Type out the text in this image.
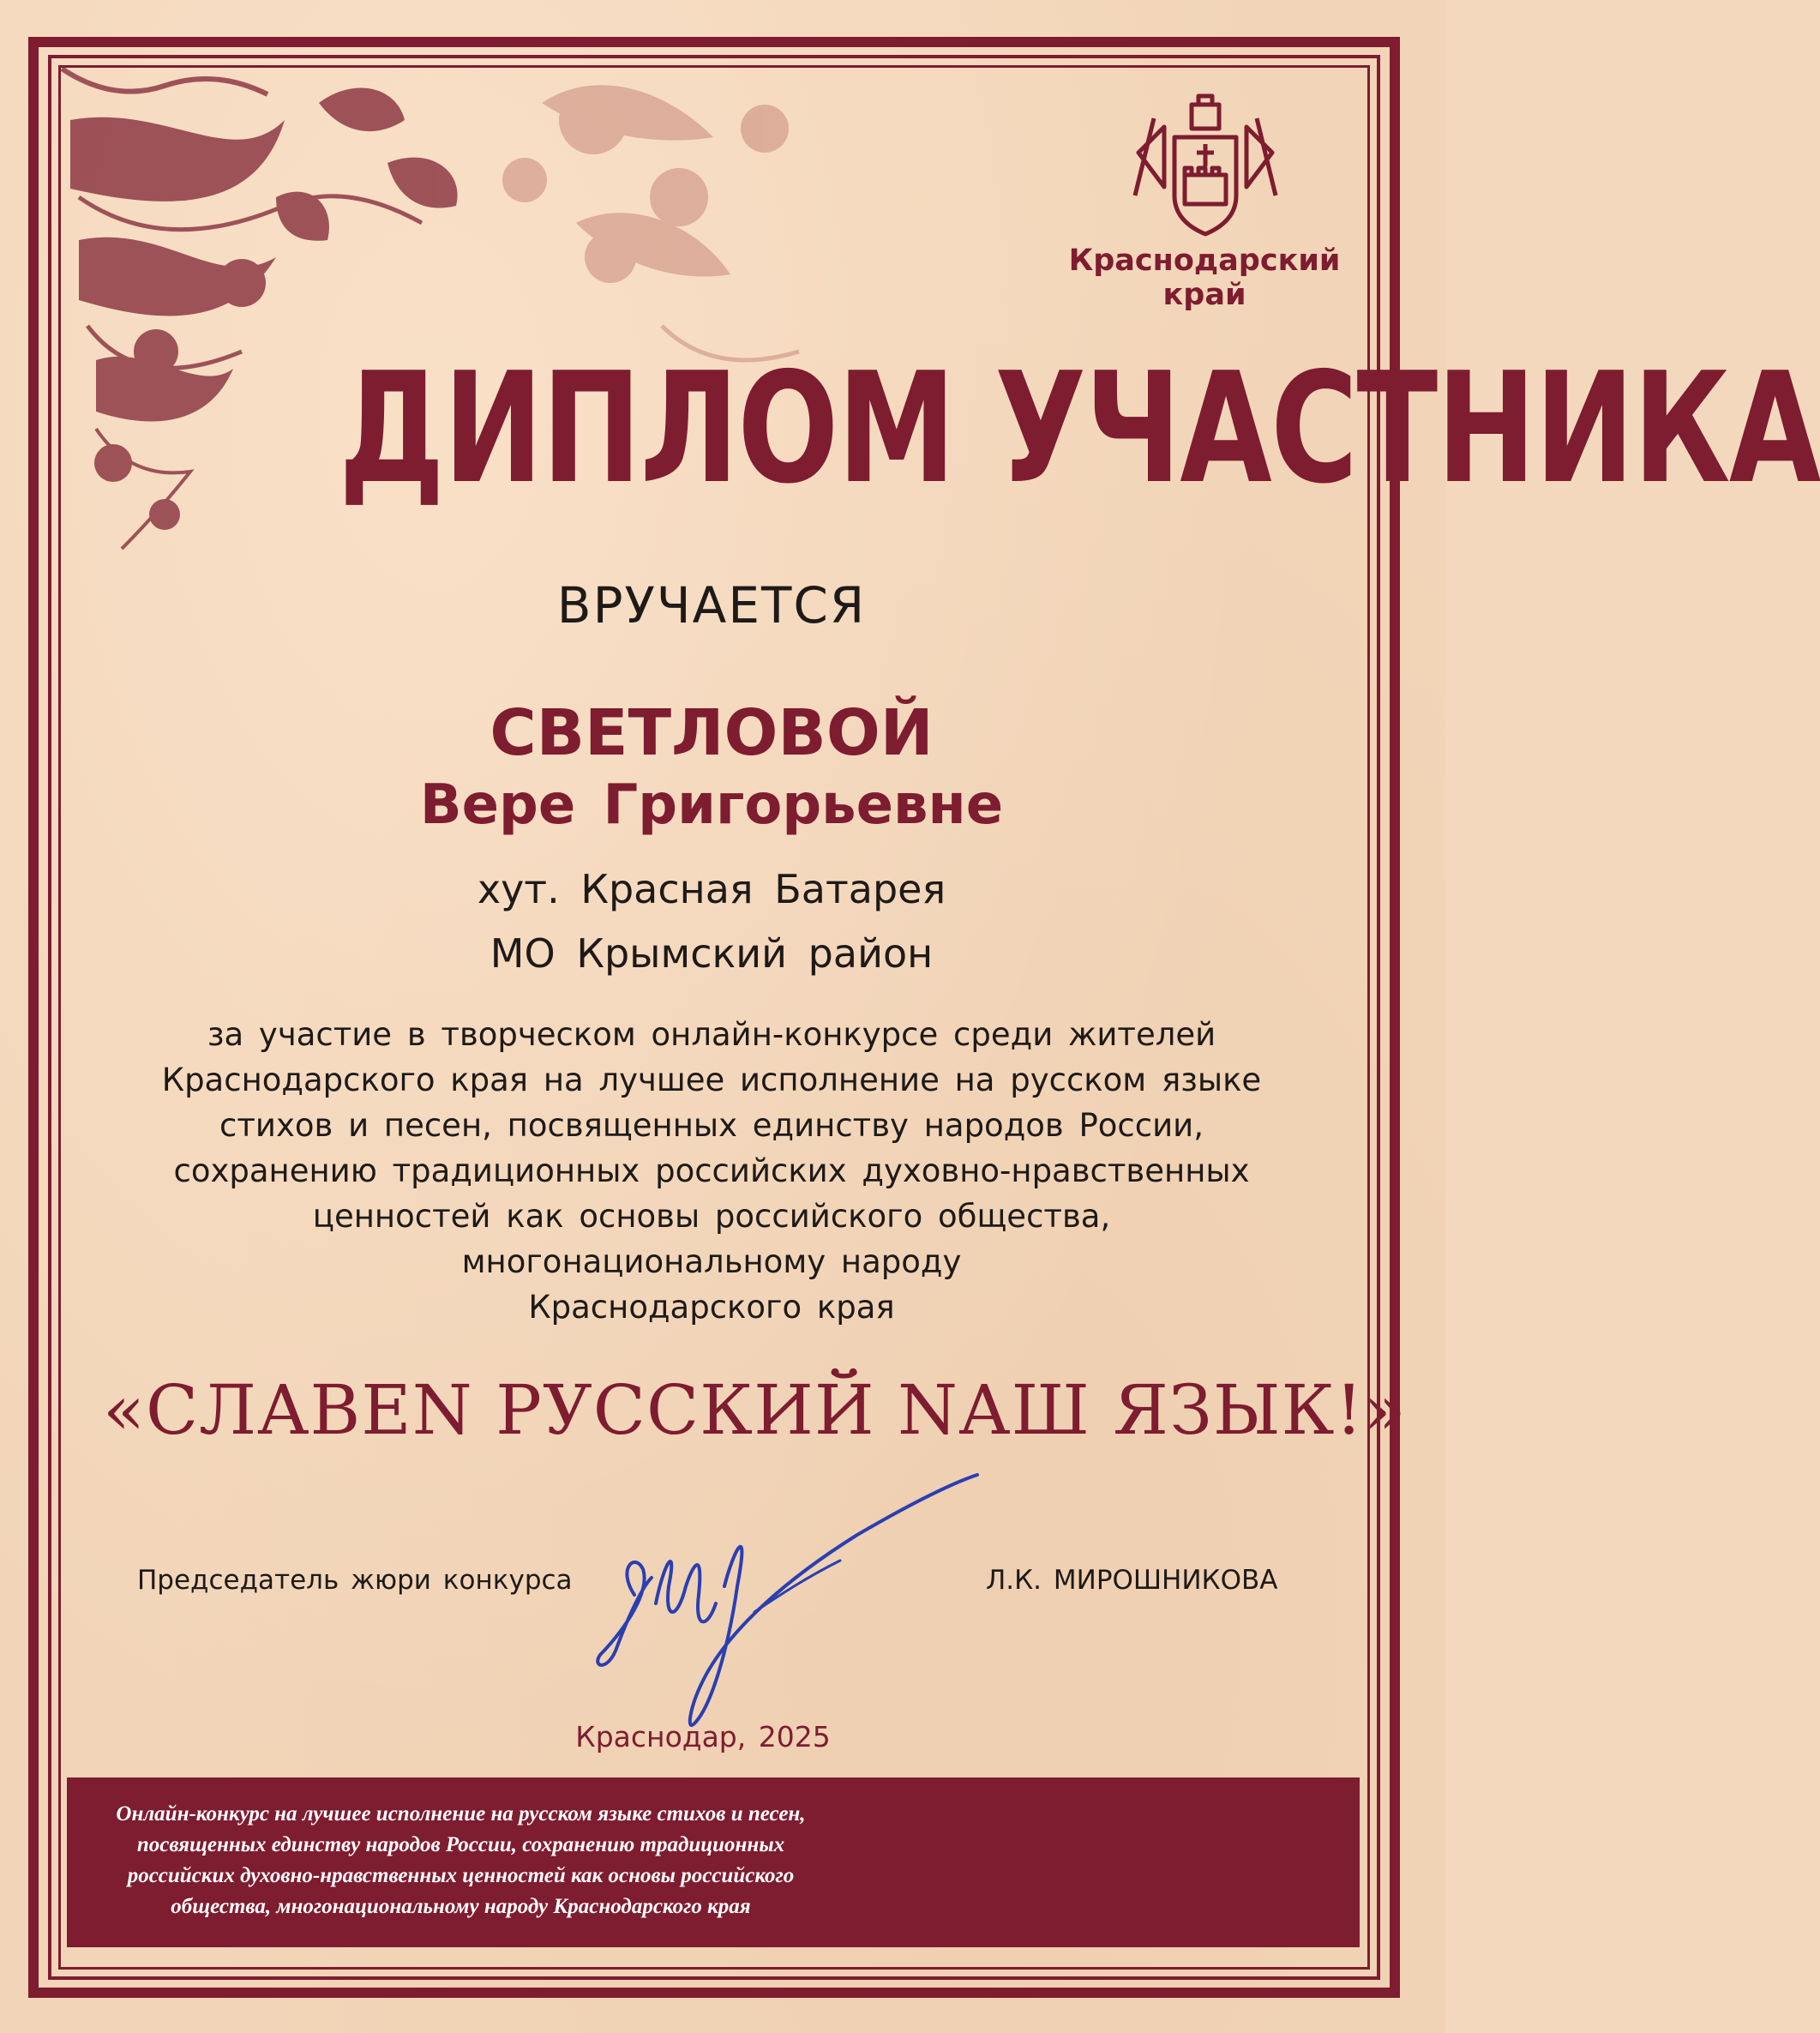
Краснодарский
край
ДИПЛОМ УЧАСТНИКА
ВРУЧАЕТСЯ
СВЕТЛОВОЙ
Вере Григорьевне
хут. Красная Батарея
МО Крымский район
за участие в творческом онлайн-конкурсе среди жителей
Краснодарского края на лучшее исполнение на русском языке
стихов и песен, посвященных единству народов России,
сохранению традиционных российских духовно-нравственных
ценностей как основы российского общества,
многонациональному народу
Краснодарского края
«СЛАВЕN РУССКИЙ NАШ ЯЗЫК!»
Председатель жюри конкурса	Л.К. МИРОШНИКОВА
Краснодар, 2025
Онлайн-конкурс на лучшее исполнение на русском языке стихов и песен,
посвященных единству народов России, сохранению традиционных
российских духовно-нравственных ценностей как основы российского
общества, многонациональному народу Краснодарского края
